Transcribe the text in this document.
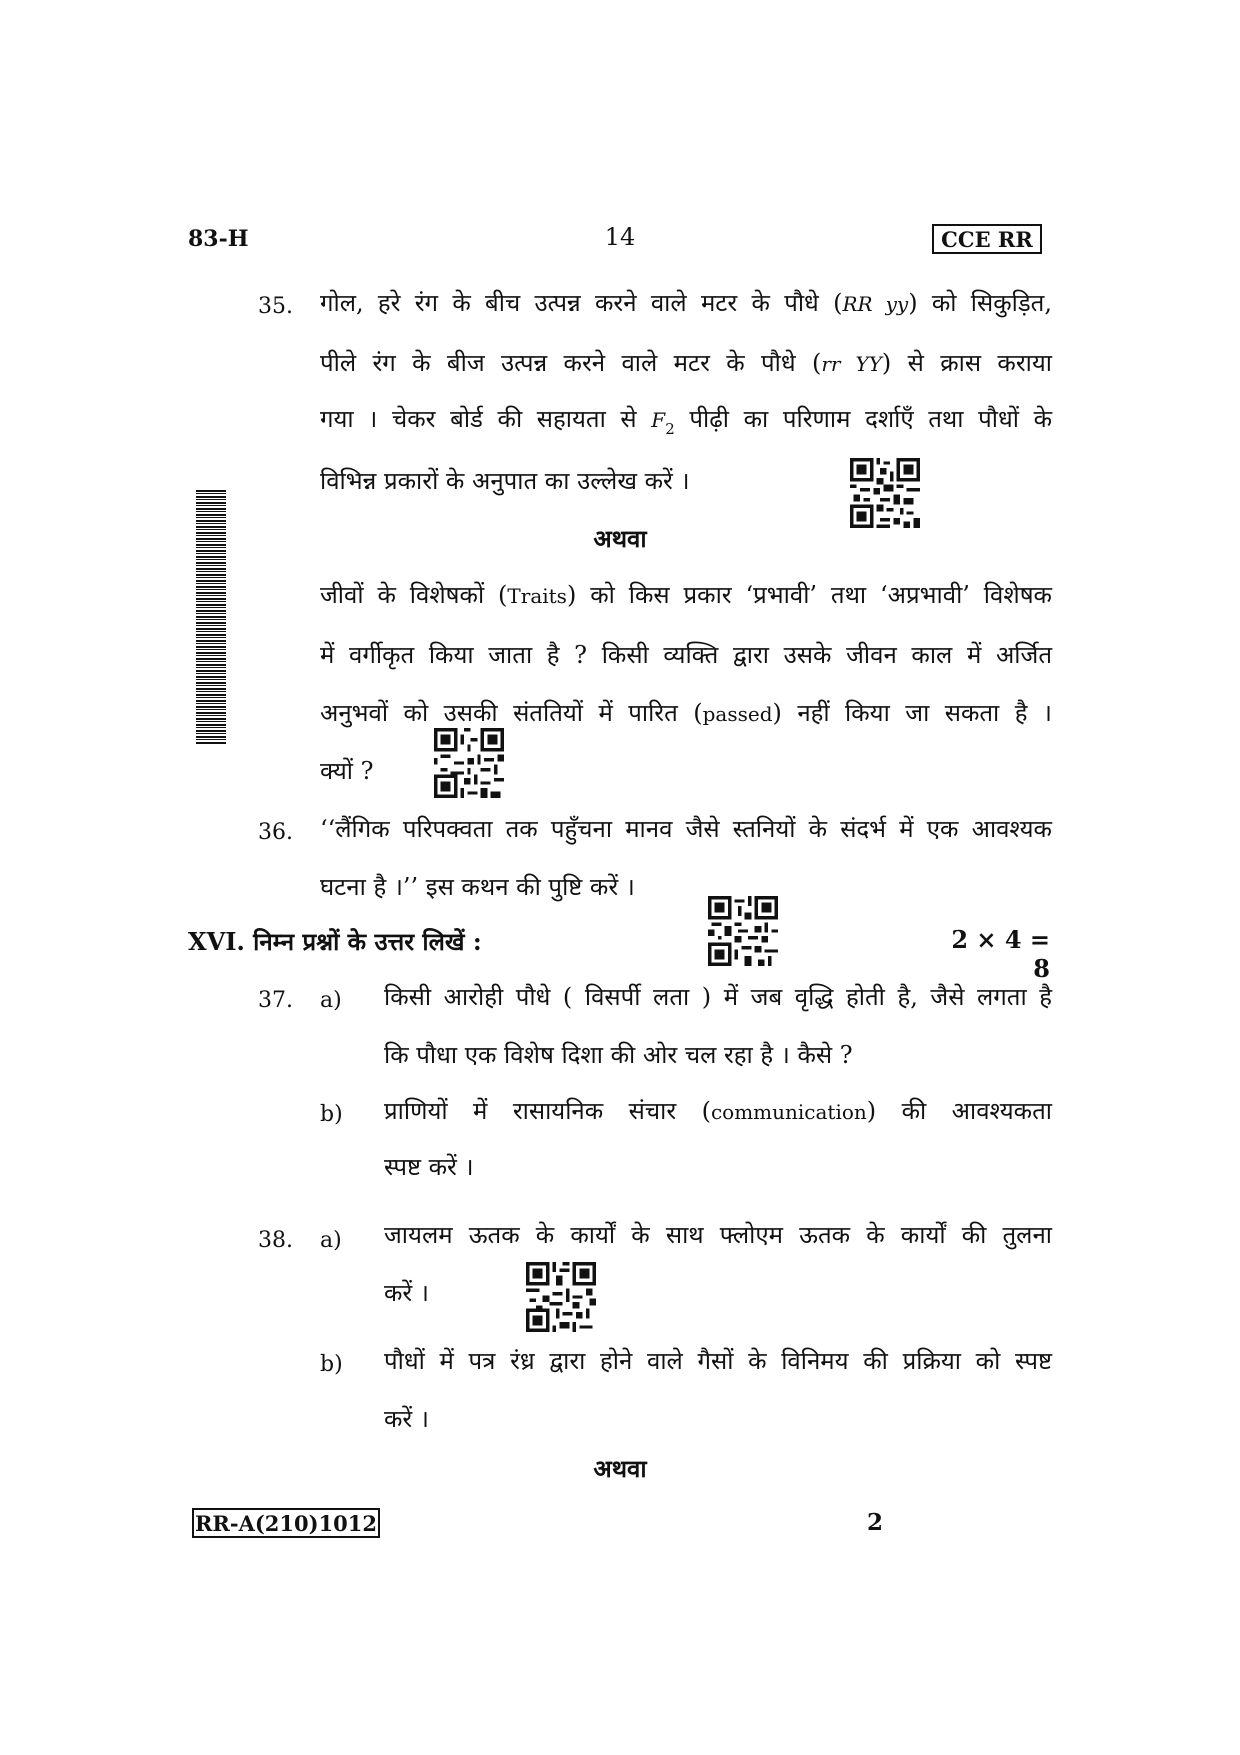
83-H	14	CCE RR
35. गोल, हरे रंग के बीच उत्पन्न करने वाले मटर के पौधे (RR yy) को सिकुड़ित,
पीले रंग के बीज उत्पन्न करने वाले मटर के पौधे (rr YY) से क्रास कराया
गया । चेकर बोर्ड की सहायता से $F_2$ पीढ़ी का परिणाम दर्शाएँ तथा पौधों के
विभिन्न प्रकारों के अनुपात का उल्लेख करें ।
अथवा
जीवों के विशेषकों (Traits) को किस प्रकार ‘प्रभावी’ तथा ‘अप्रभावी’ विशेषक
में वर्गीकृत किया जाता है ? किसी व्यक्ति द्वारा उसके जीवन काल में अर्जित
अनुभवों को उसकी संततियों में पारित (passed) नहीं किया जा सकता है ।
क्यों ?
36. ‘‘लैंगिक परिपक्वता तक पहुँचना मानव जैसे स्तनियों के संदर्भ में एक आवश्यक
घटना है ।’’ इस कथन की पुष्टि करें ।
XVI. निम्न प्रश्नों के उत्तर लिखें :	2 × 4 = 8
37. a) किसी आरोही पौधे ( विसर्पी लता ) में जब वृद्धि होती है, जैसे लगता है
कि पौधा एक विशेष दिशा की ओर चल रहा है । कैसे ?
b) प्राणियों में रासायनिक संचार (communication) की आवश्यकता
स्पष्ट करें ।
38. a) जायलम ऊतक के कार्यों के साथ फ्लोएम ऊतक के कार्यों की तुलना
करें ।
b) पौधों में पत्र रंध्र द्वारा होने वाले गैसों के विनिमय की प्रक्रिया को स्पष्ट
करें ।
अथवा
RR-A(210)1012	2
